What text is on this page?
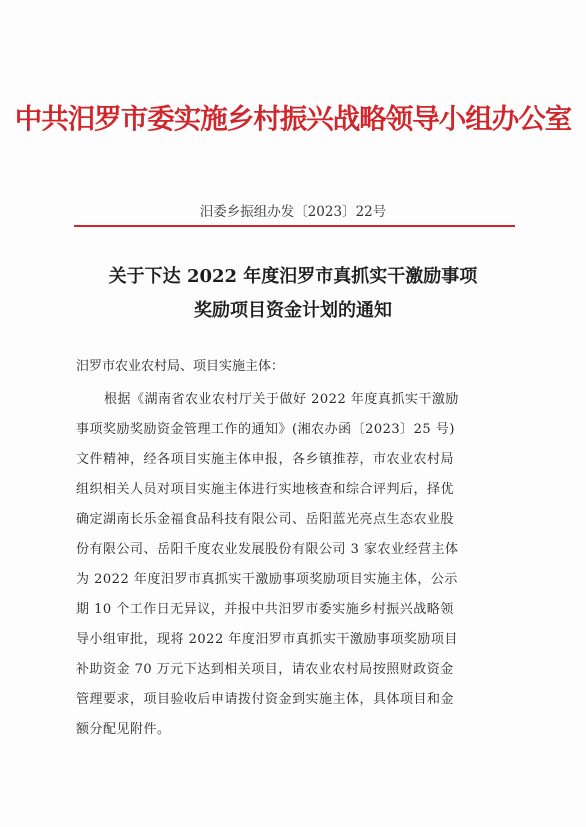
中共汨罗市委实施乡村振兴战略领导小组办公室
汨委乡振组办发〔2023〕22号
关于下达 2022 年度汨罗市真抓实干激励事项
奖励项目资金计划的通知
汨罗市农业农村局、项目实施主体：
根据《湖南省农业农村厅关于做好 2022 年度真抓实干激励
事项奖励奖励资金管理工作的通知》(湘农办函〔2023〕25 号)
文件精神，经各项目实施主体申报，各乡镇推荐，市农业农村局
组织相关人员对项目实施主体进行实地核查和综合评判后，择优
确定湖南长乐金福食品科技有限公司、岳阳蓝光亮点生态农业股
份有限公司、岳阳千度农业发展股份有限公司 3 家农业经营主体
为 2022 年度汨罗市真抓实干激励事项奖励项目实施主体，公示
期 10 个工作日无异议，并报中共汨罗市委实施乡村振兴战略领
导小组审批，现将 2022 年度汨罗市真抓实干激励事项奖励项目
补助资金 70 万元下达到相关项目，请农业农村局按照财政资金
管理要求，项目验收后申请拨付资金到实施主体，具体项目和金
额分配见附件。
